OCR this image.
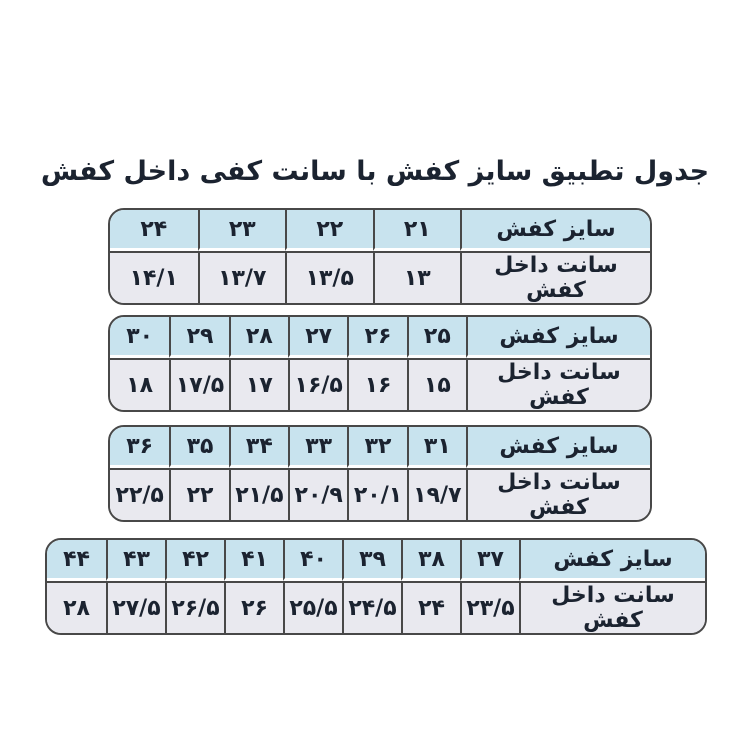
جدول تطبیق سایز کفش با سانت کفی داخل کفش
سایز کفش	۲۱	۲۲	۲۳	۲۴
سانت داخل کفش	۱۳	۱۳/۵	۱۳/۷	۱۴/۱
سایز کفش	۲۵	۲۶	۲۷	۲۸	۲۹	۳۰
سانت داخل کفش	۱۵	۱۶	۱۶/۵	۱۷	۱۷/۵	۱۸
سایز کفش	۳۱	۳۲	۳۳	۳۴	۳۵	۳۶
سانت داخل کفش	۱۹/۷	۲۰/۱	۲۰/۹	۲۱/۵	۲۲	۲۲/۵
سایز کفش	۳۷	۳۸	۳۹	۴۰	۴۱	۴۲	۴۳	۴۴
سانت داخل کفش	۲۳/۵	۲۴	۲۴/۵	۲۵/۵	۲۶	۲۶/۵	۲۷/۵	۲۸
